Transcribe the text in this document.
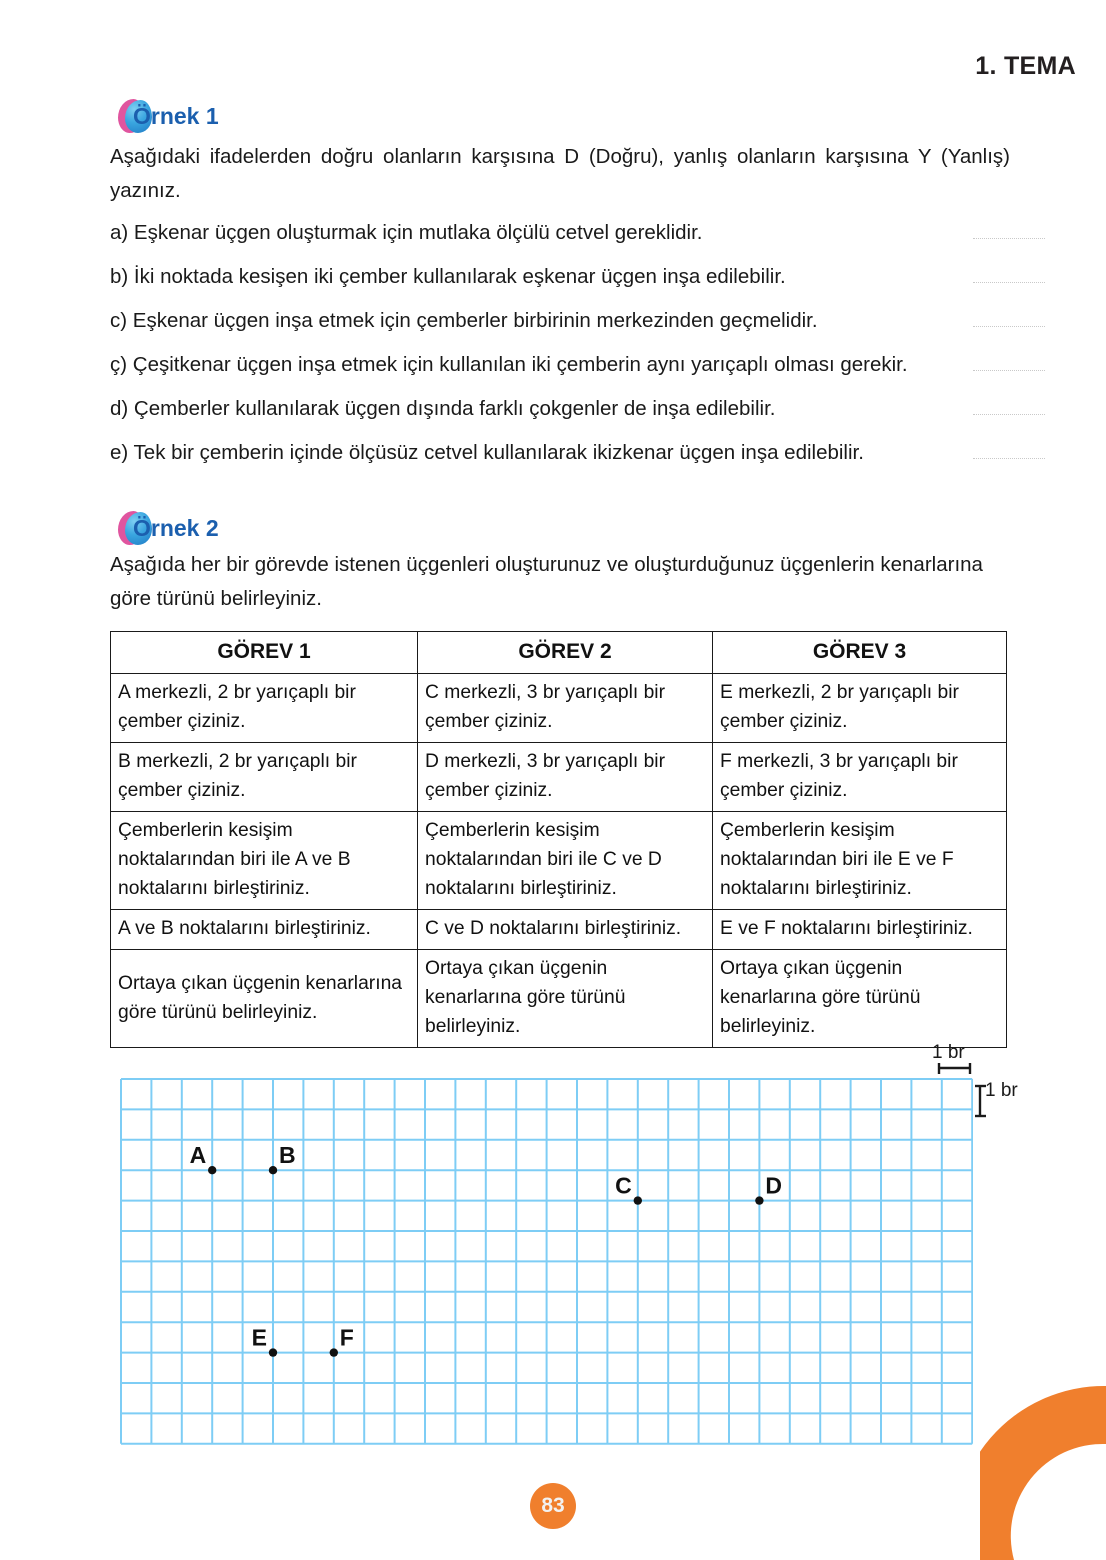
1. TEMA
Örnek 1
Aşağıdaki ifadelerden doğru olanların karşısına D (Doğru), yanlış olanların karşısına Y (Yanlış) yazınız.
a) Eşkenar üçgen oluşturmak için mutlaka ölçülü cetvel gereklidir.
b) İki noktada kesişen iki çember kullanılarak eşkenar üçgen inşa edilebilir.
c) Eşkenar üçgen inşa etmek için çemberler birbirinin merkezinden geçmelidir.
ç) Çeşitkenar üçgen inşa etmek için kullanılan iki çemberin aynı yarıçaplı olması gerekir.
d) Çemberler kullanılarak üçgen dışında farklı çokgenler de inşa edilebilir.
e) Tek bir çemberin içinde ölçüsüz cetvel kullanılarak ikizkenar üçgen inşa edilebilir.
Örnek 2
Aşağıda her bir görevde istenen üçgenleri oluşturunuz ve oluşturduğunuz üçgenlerin kenarlarına göre türünü belirleyiniz.
GÖREV 1	GÖREV 2	GÖREV 3
A merkezli, 2 br yarıçaplı bir çember çiziniz.	C merkezli, 3 br yarıçaplı bir çember çiziniz.	E merkezli, 2 br yarıçaplı bir çember çiziniz.
B merkezli, 2 br yarıçaplı bir çember çiziniz.	D merkezli, 3 br yarıçaplı bir çember çiziniz.	F merkezli, 3 br yarıçaplı bir çember çiziniz.
Çemberlerin kesişim noktalarından biri ile A ve B noktalarını birleştiriniz.	Çemberlerin kesişim noktalarından biri ile C ve D noktalarını birleştiriniz.	Çemberlerin kesişim noktalarından biri ile E ve F noktalarını birleştiriniz.
A ve B noktalarını birleştiriniz.	C ve D noktalarını birleştiriniz.	E ve F noktalarını birleştiriniz.
Ortaya çıkan üçgenin kenarlarına göre türünü belirleyiniz.	Ortaya çıkan üçgenin kenarlarına göre türünü belirleyiniz.	Ortaya çıkan üçgenin kenarlarına göre türünü belirleyiniz.
1 br
1 br
A	B
C	D
E	F
83
